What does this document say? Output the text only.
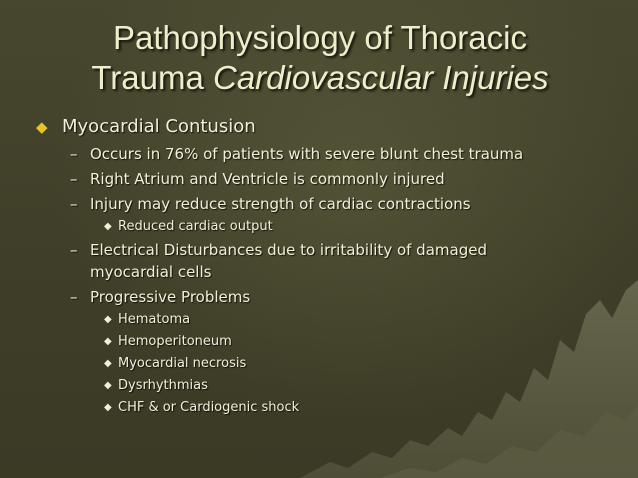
Pathophysiology of Thoracic
Trauma Cardiovascular Injuries
◆ Myocardial Contusion
– Occurs in 76% of patients with severe blunt chest trauma
– Right Atrium and Ventricle is commonly injured
– Injury may reduce strength of cardiac contractions
◆ Reduced cardiac output
– Electrical Disturbances due to irritability of damaged
myocardial cells
– Progressive Problems
◆ Hematoma
◆ Hemoperitoneum
◆ Myocardial necrosis
◆ Dysrhythmias
◆ CHF & or Cardiogenic shock
